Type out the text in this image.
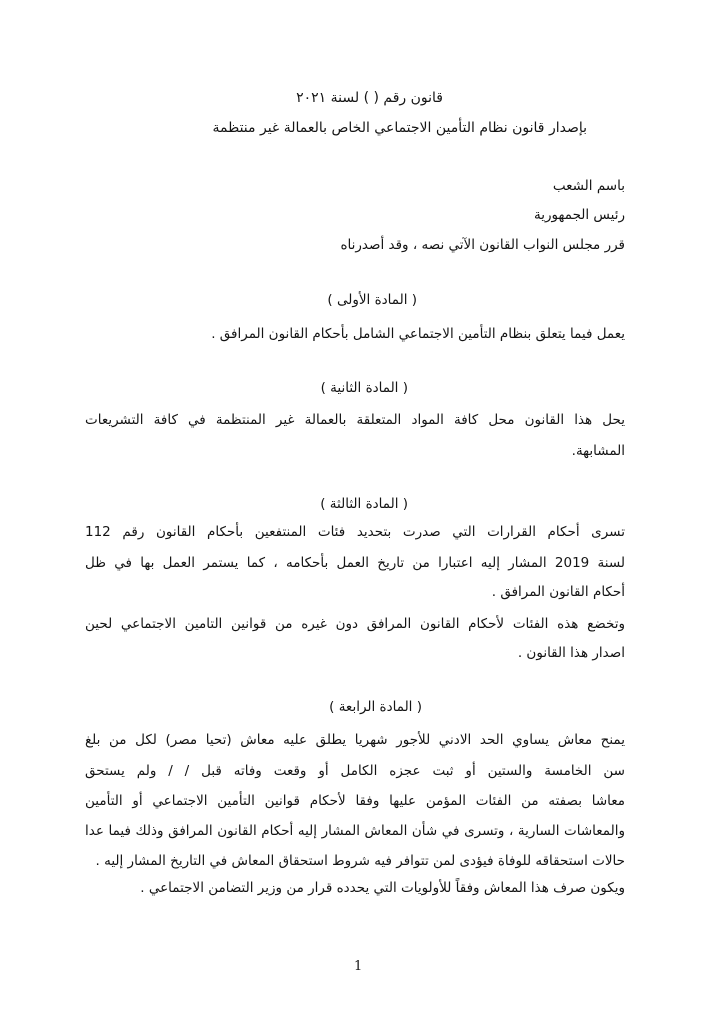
قانون رقم ( ) لسنة ٢٠٢١
بإصدار قانون نظام التأمين الاجتماعي الخاص بالعمالة غير منتظمة
باسم الشعب
رئيس الجمهورية
قرر مجلس النواب القانون الآتي نصه ، وقد أصدرناه
( المادة الأولى )
يعمل فيما يتعلق بنظام التأمين الاجتماعي الشامل بأحكام القانون المرافق .
( المادة الثانية )
يحل هذا القانون محل كافة المواد المتعلقة بالعمالة غير المنتظمة في كافة التشريعات
المشابهة.
( المادة الثالثة )
تسرى أحكام القرارات التي صدرت بتحديد فئات المنتفعين بأحكام القانون رقم 112
لسنة 2019 المشار إليه اعتبارا من تاريخ العمل بأحكامه ، كما يستمر العمل بها في ظل
أحكام القانون المرافق .
وتخضع هذه الفئات لأحكام القانون المرافق دون غيره من قوانين التامين الاجتماعي لحين
اصدار هذا القانون .
( المادة الرابعة )
يمنح معاش يساوي الحد الادني للأجور شهريا يطلق عليه معاش (تحيا مصر) لكل من بلغ
سن الخامسة والستين أو ثبت عجزه الكامل أو وقعت وفاته قبل / / ولم يستحق
معاشا بصفته من الفئات المؤمن عليها وفقا لأحكام قوانين التأمين الاجتماعي أو التأمين
والمعاشات السارية ، وتسرى في شأن المعاش المشار إليه أحكام القانون المرافق وذلك فيما عدا
حالات استحقاقه للوفاة فيؤدى لمن تتوافر فيه شروط استحقاق المعاش في التاريخ المشار إليه .
ويكون صرف هذا المعاش وفقاً للأولويات التي يحدده قرار من وزير التضامن الاجتماعي .
1
